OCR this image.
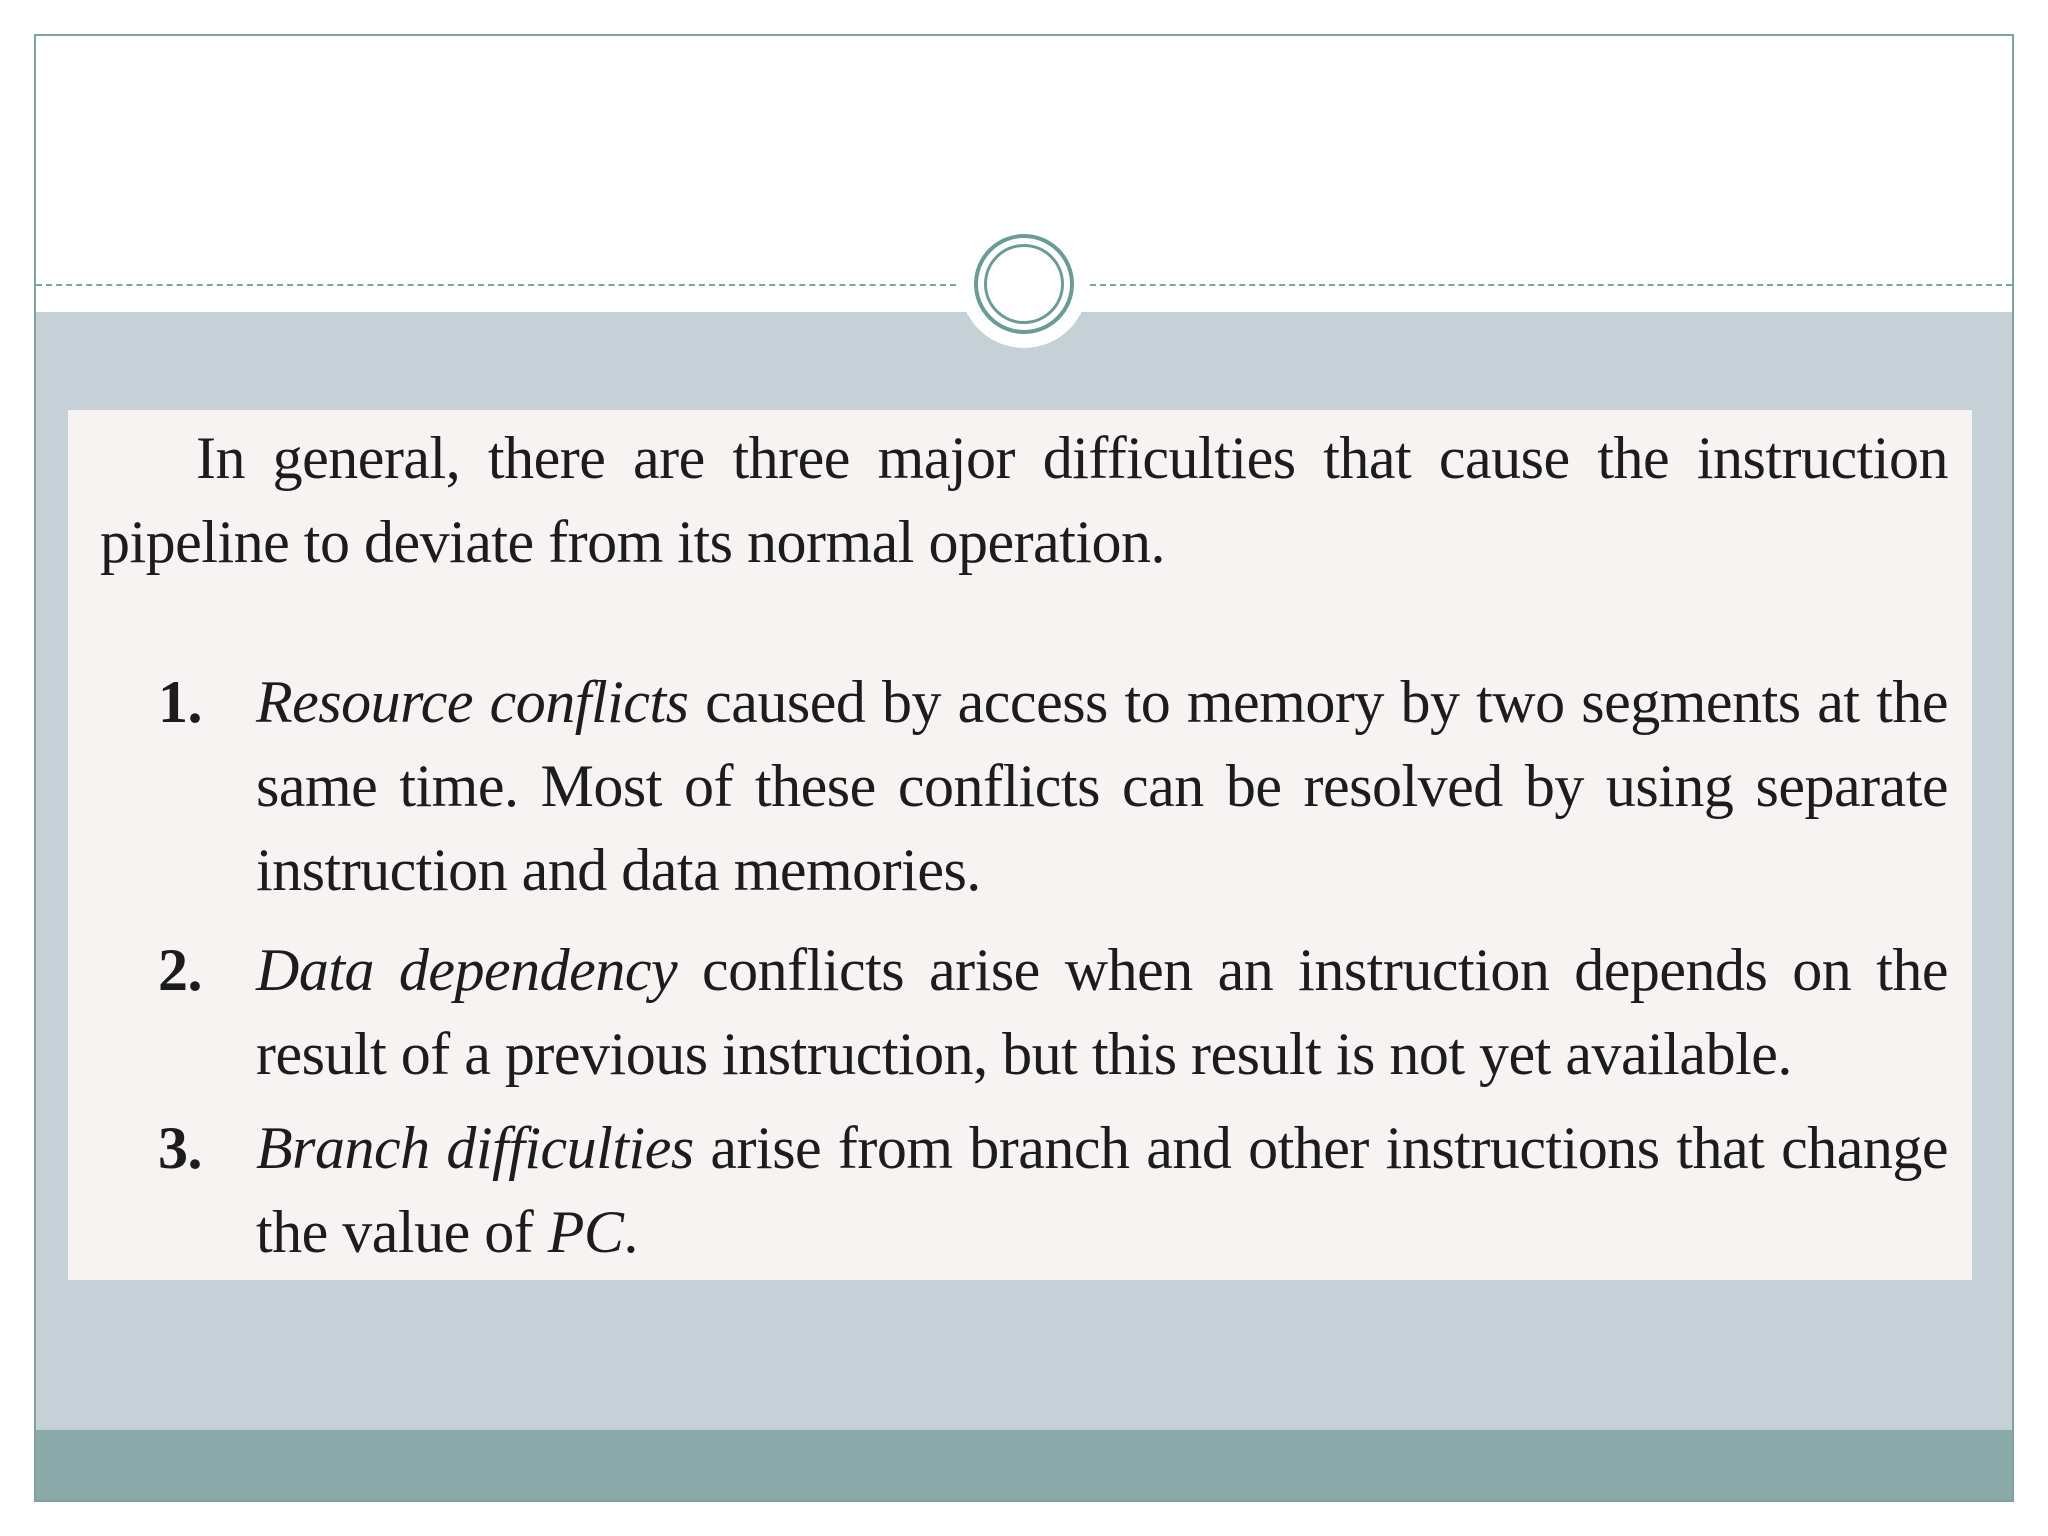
In general, there are three major difficulties that cause the instruction pipeline to deviate from its normal operation.
1. Resource conflicts caused by access to memory by two segments at the same time. Most of these conflicts can be resolved by using separate instruction and data memories.
2. Data dependency conflicts arise when an instruction depends on the result of a previous instruction, but this result is not yet available.
3. Branch difficulties arise from branch and other instructions that change the value of PC.
